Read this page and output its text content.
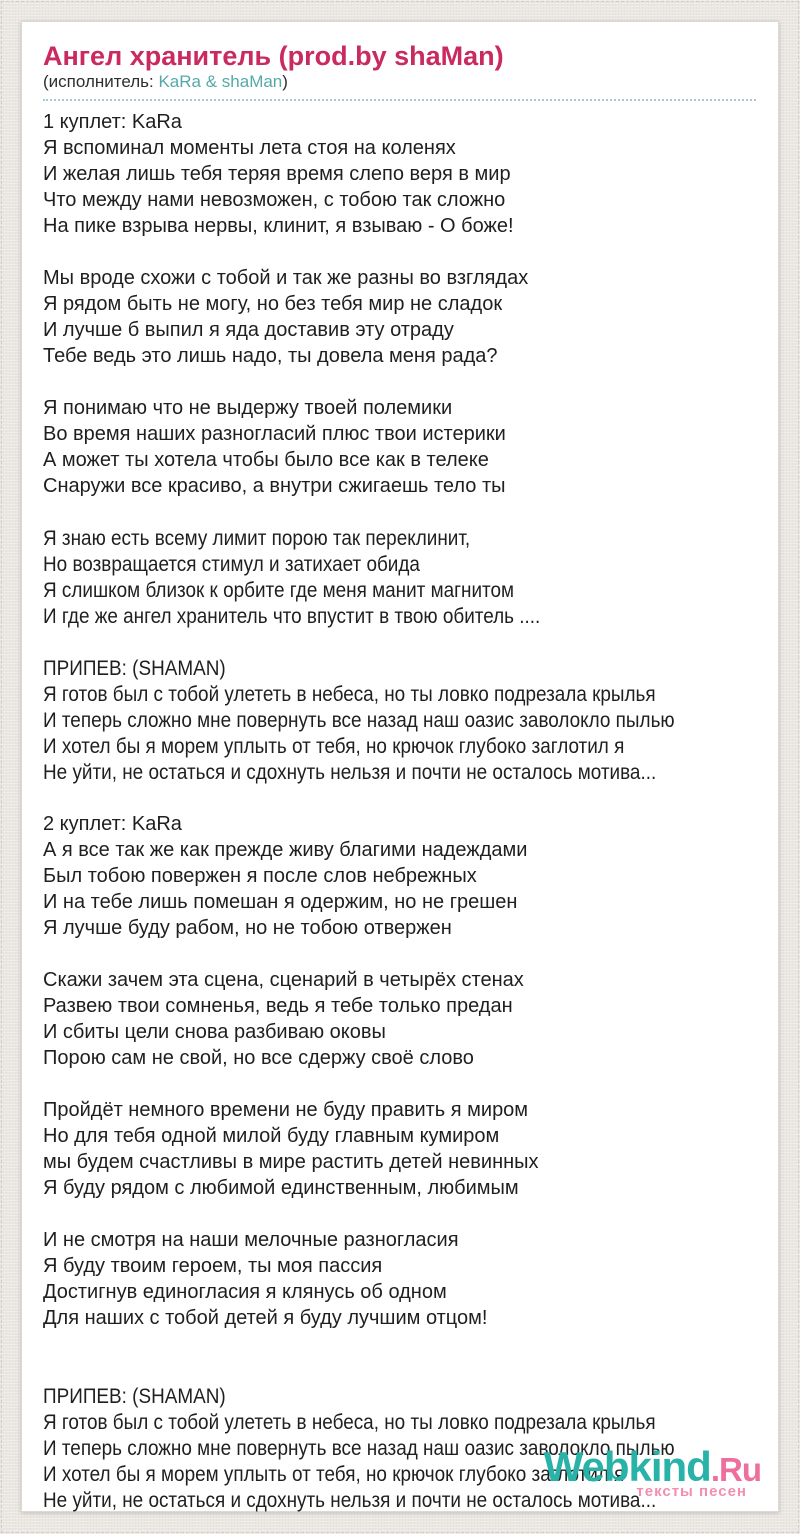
Ангел хранитель (prod.by shaMan)
(исполнитель: KaRa & shaMan)

1 куплет: KaRa
Я вспоминал моменты лета стоя на коленях
И желая лишь тебя теряя время слепо веря в мир
Что между нами невозможен, с тобою так сложно
На пике взрыва нервы, клинит, я взываю - О боже!

Мы вроде схожи с тобой и так же разны во взглядах
Я рядом быть не могу, но без тебя мир не сладок
И лучше б выпил я яда доставив эту отраду
Тебе ведь это лишь надо, ты довела меня рада?

Я понимаю что не выдержу твоей полемики
Во время наших разногласий плюс твои истерики
А может ты хотела чтобы было все как в телеке
Снаружи все красиво, а внутри сжигаешь тело ты

Я знаю есть всему лимит порою так переклинит,
Но возвращается стимул и затихает обида
Я слишком близок к орбите где меня манит магнитом
И где же ангел хранитель что впустит в твою обитель ....

ПРИПЕВ: (SHAMAN)
Я готов был с тобой улететь в небеса, но ты ловко подрезала крылья
И теперь сложно мне повернуть все назад наш оазис заволокло пылью
И хотел бы я морем уплыть от тебя, но крючок глубоко заглотил я
Не уйти, не остаться и сдохнуть нельзя и почти не осталось мотива...

2 куплет: KaRa
А я все так же как прежде живу благими надеждами
Был тобою повержен я после слов небрежных
И на тебе лишь помешан я одержим, но не грешен
Я лучше буду рабом, но не тобою отвержен

Скажи зачем эта сцена, сценарий в четырёх стенах
Развею твои сомненья, ведь я тебе только предан
И сбиты цели снова разбиваю оковы
Порою сам не свой, но все сдержу своё слово

Пройдёт немного времени не буду править я миром
Но для тебя одной милой буду главным кумиром
мы будем счастливы в мире растить детей невинных
Я буду рядом с любимой единственным, любимым

И не смотря на наши мелочные разногласия
Я буду твоим героем, ты моя пассия
Достигнув единогласия я клянусь об одном
Для наших с тобой детей я буду лучшим отцом!

ПРИПЕВ: (SHAMAN)
Я готов был с тобой улететь в небеса, но ты ловко подрезала крылья
И теперь сложно мне повернуть все назад наш оазис заволокло пылью
И хотел бы я морем уплыть от тебя, но крючок глубоко заглотил я
Не уйти, не остаться и сдохнуть нельзя и почти не осталось мотива...

Webkind.Ru
тексты песен
